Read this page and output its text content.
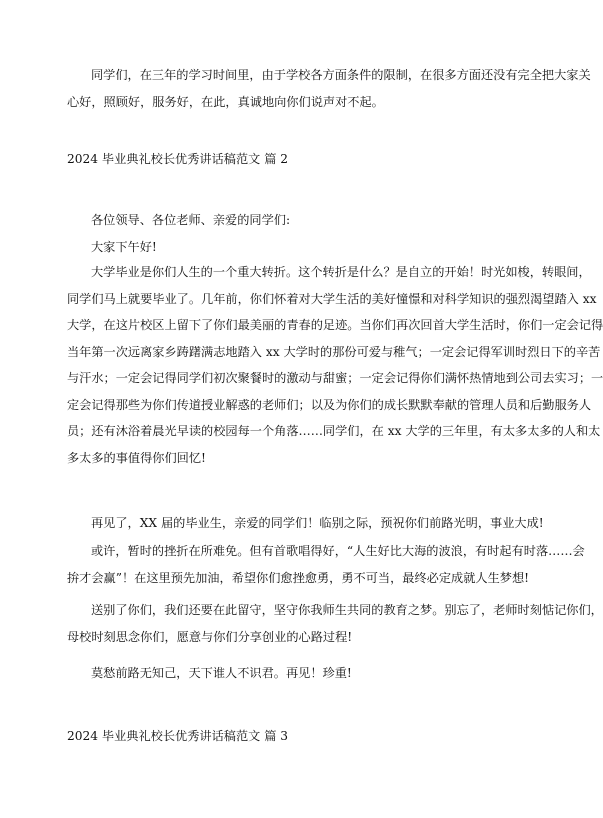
同学们，在三年的学习时间里，由于学校各方面条件的限制，在很多方面还没有完全把大家关
心好，照顾好，服务好，在此，真诚地向你们说声对不起。

2024 毕业典礼校长优秀讲话稿范文 篇 2

各位领导、各位老师、亲爱的同学们:

大家下午好!

大学毕业是你们人生的一个重大转折。这个转折是什么？是自立的开始！时光如梭，转眼间，
同学们马上就要毕业了。几年前，你们怀着对大学生活的美好憧憬和对科学知识的强烈渴望踏入 xx
大学，在这片校区上留下了你们最美丽的青春的足迹。当你们再次回首大学生活时，你们一定会记得
当年第一次远离家乡踌躇满志地踏入 xx 大学时的那份可爱与稚气；一定会记得军训时烈日下的辛苦
与汗水；一定会记得同学们初次聚餐时的激动与甜蜜；一定会记得你们满怀热情地到公司去实习；一
定会记得那些为你们传道授业解惑的老师们；以及为你们的成长默默奉献的管理人员和后勤服务人
员；还有沐浴着晨光早读的校园每一个角落……同学们，在 xx 大学的三年里，有太多太多的人和太
多太多的事值得你们回忆!
再见了，XX 届的毕业生，亲爱的同学们！临别之际，预祝你们前路光明，事业大成!
或许，暂时的挫折在所难免。但有首歌唱得好，“人生好比大海的波浪，有时起有时落……会
拚才会赢”！在这里预先加油，希望你们愈挫愈勇，勇不可当，最终必定成就人生梦想!
送别了你们，我们还要在此留守，坚守你我师生共同的教育之梦。别忘了，老师时刻惦记你们，
母校时刻思念你们，愿意与你们分享创业的心路过程!
莫愁前路无知己，天下谁人不识君。再见！珍重!

2024 毕业典礼校长优秀讲话稿范文 篇 3
